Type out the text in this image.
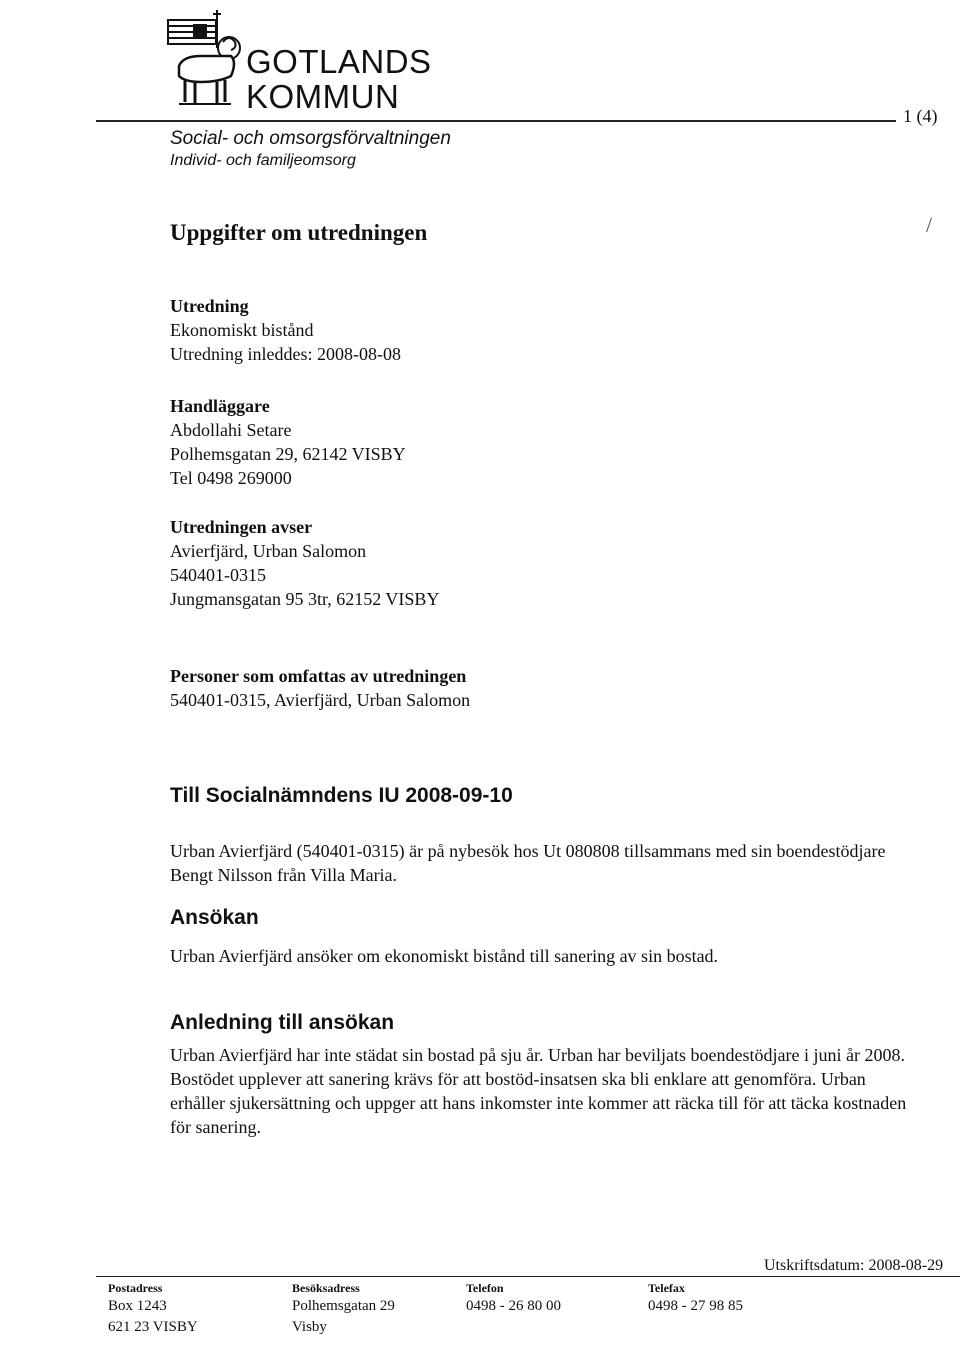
GOTLANDS
KOMMUN
1 (4)
Social- och omsorgsförvaltningen
Individ- och familjeomsorg
/
Uppgifter om utredningen
Utredning
Ekonomiskt bistånd
Utredning inleddes: 2008-08-08
Handläggare
Abdollahi Setare
Polhemsgatan 29, 62142 VISBY
Tel 0498 269000
Utredningen avser
Avierfjärd, Urban Salomon
540401-0315
Jungmansgatan 95 3tr, 62152 VISBY
Personer som omfattas av utredningen
540401-0315, Avierfjärd, Urban Salomon
Till Socialnämndens IU 2008-09-10
Urban Avierfjärd (540401-0315) är på nybesök hos Ut 080808 tillsammans med sin boendestödjare Bengt Nilsson från Villa Maria.
Ansökan
Urban Avierfjärd ansöker om ekonomiskt bistånd till sanering av sin bostad.
Anledning till ansökan
Urban Avierfjärd har inte städat sin bostad på sju år. Urban har beviljats boendestödjare i juni år 2008. Bostödet upplever att sanering krävs för att bostöd-insatsen ska bli enklare att genomföra. Urban erhåller sjukersättning och uppger att hans inkomster inte kommer att räcka till för att täcka kostnaden för sanering.
Utskriftsdatum: 2008-08-29
Postadress
Box 1243
621 23 VISBY
Besöksadress
Polhemsgatan 29
Visby
Telefon
0498 - 26 80 00
Telefax
0498 - 27 98 85
